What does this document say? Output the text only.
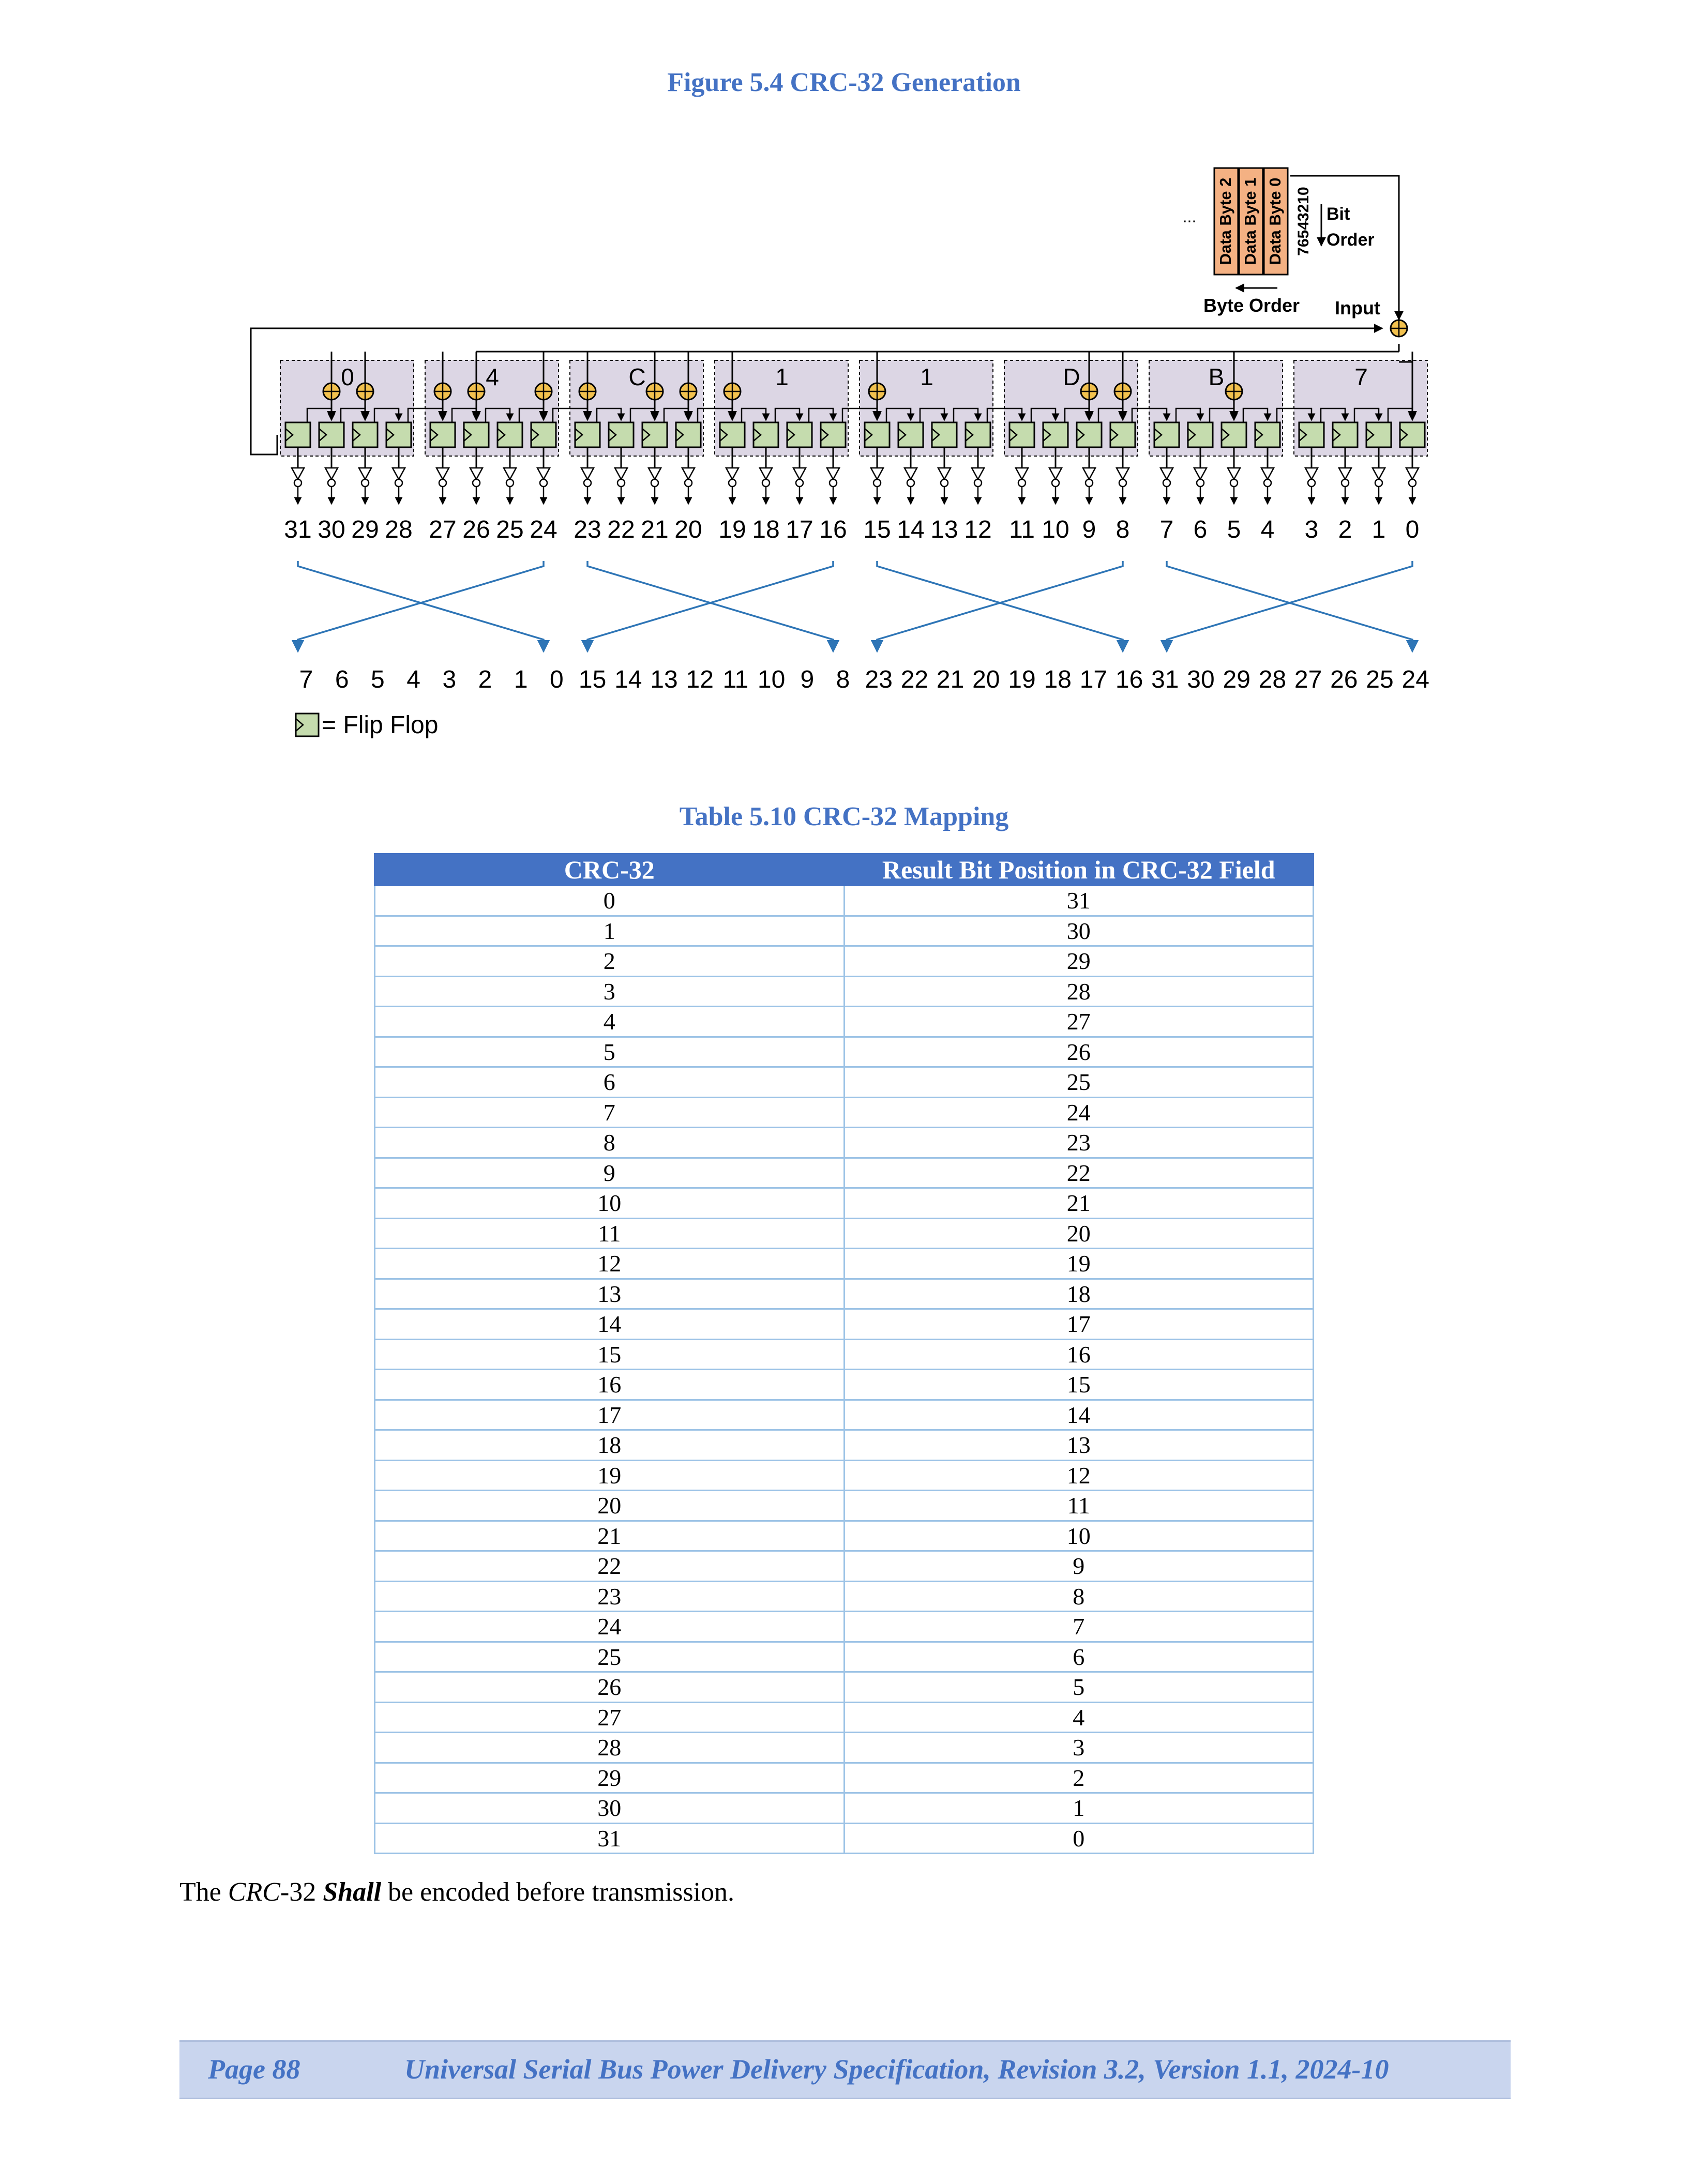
Figure 5.4 CRC-32 Generation
Data Byte 2 Data Byte 1 Data Byte 0
...	76543210 Bit
Order
Byte Order Input
0	4	C	1	1	D	B	7
31 30 29 28 27 26 25 24 23 22 21 20 19 18 17 16 15 14 13 12 11 10 9 8 7 6 5 4 3 2 1 0
7 6 5 4 3 2 1 0 15 14 13 12 11 10 9 8 23 22 21 20 19 18 17 16 31 30 29 28 27 26 25 24
= Flip Flop
Table 5.10 CRC-32 Mapping
CRC-32	Result Bit Position in CRC-32 Field
0	31
1	30
2	29
3	28
4	27
5	26
6	25
7	24
8	23
9	22
10	21
11	20
12	19
13	18
14	17
15	16
16	15
17	14
18	13
19	12
20	11
21	10
22	9
23	8
24	7
25	6
26	5
27	4
28	3
29	2
30	1
31	0
The CRC-32 Shall be encoded before transmission.
Page 88	Universal Serial Bus Power Delivery Specification, Revision 3.2, Version 1.1, 2024-10
